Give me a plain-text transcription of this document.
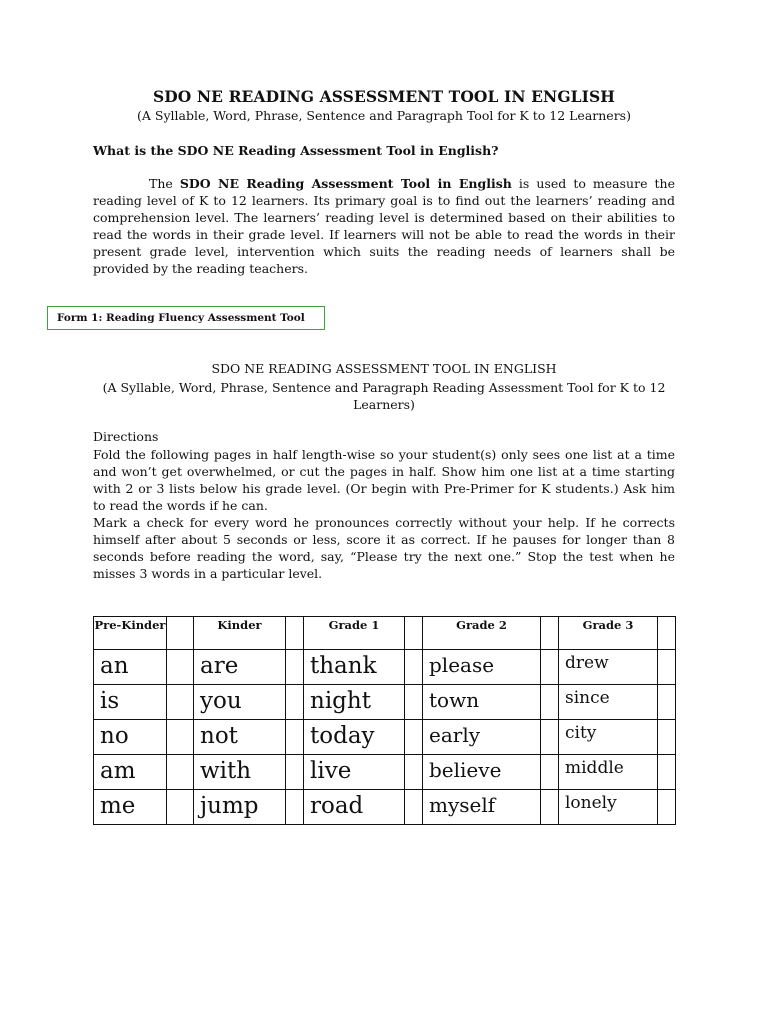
SDO NE READING ASSESSMENT TOOL IN ENGLISH
(A Syllable, Word, Phrase, Sentence and Paragraph Tool for K to 12 Learners)
What is the SDO NE Reading Assessment Tool in English?

The SDO NE Reading Assessment Tool in English is used to measure the reading level of K to 12 learners. Its primary goal is to find out the learners’ reading and comprehension level. The learners’ reading level is determined based on their abilities to read the words in their grade level. If learners will not be able to read the words in their present grade level, intervention which suits the reading needs of learners shall be provided by the reading teachers.

Form 1: Reading Fluency Assessment Tool
SDO NE READING ASSESSMENT TOOL IN ENGLISH
(A Syllable, Word, Phrase, Sentence and Paragraph Reading Assessment Tool for K to 12 Learners)
Directions

Fold the following pages in half length-wise so your student(s) only sees one list at a time and won’t get overwhelmed, or cut the pages in half. Show him one list at a time starting with 2 or 3 lists below his grade level. (Or begin with Pre-Primer for K students.) Ask him to read the words if he can.

Mark a check for every word he pronounces correctly without your help. If he corrects himself after about 5 seconds or less, score it as correct. If he pauses for longer than 8 seconds before reading the word, say, “Please try the next one.” Stop the test when he misses 3 words in a particular level.

Pre-Kinder		Kinder		Grade 1		Grade 2		Grade 3	
an		are		thank		please		drew	
is		you		night		town		since	
no		not		today		early		city	
am		with		live		believe		middle	
me		jump		road		myself		lonely	
